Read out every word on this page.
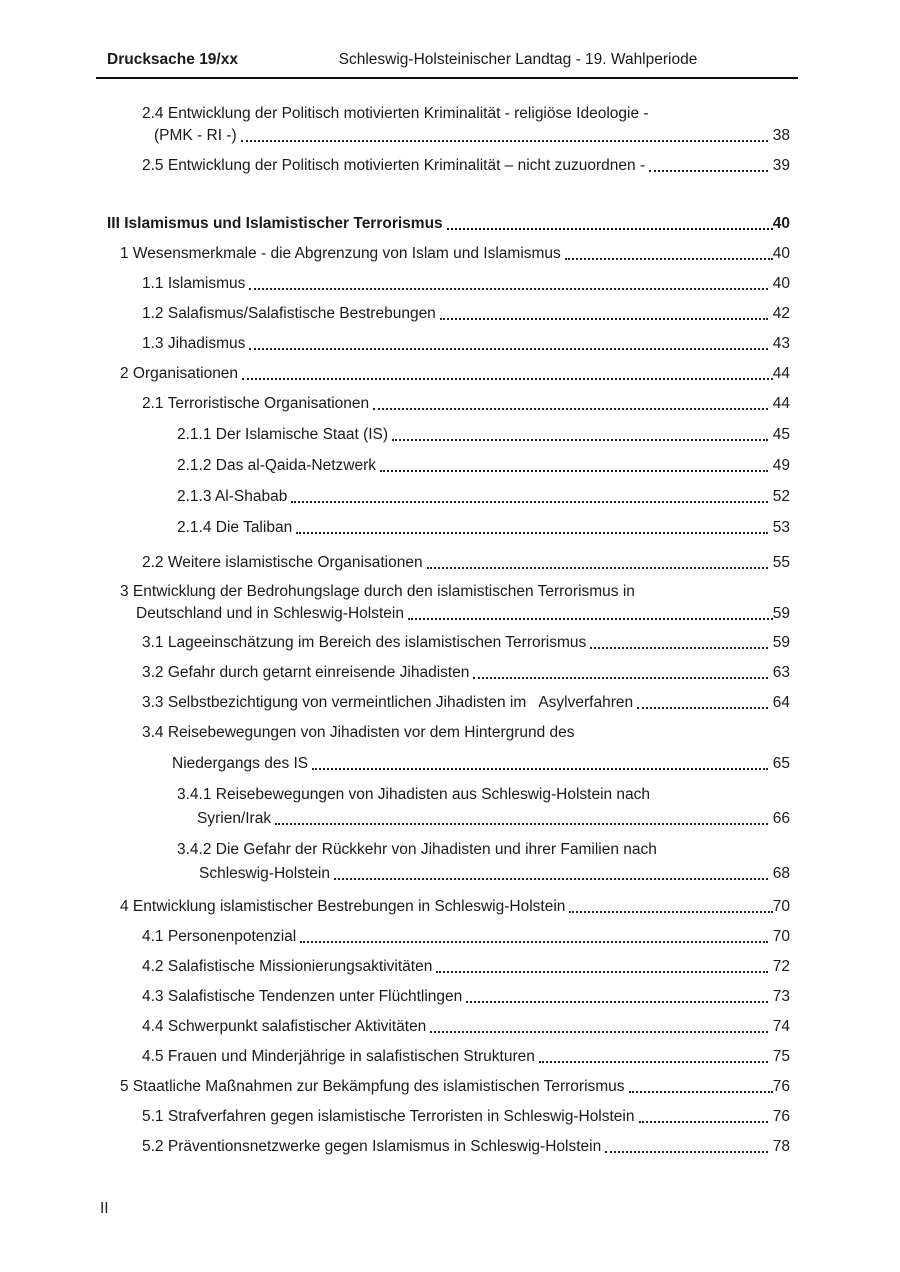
Drucksache 19/xx	Schleswig-Holsteinischer Landtag - 19. Wahlperiode
2.4 Entwicklung der Politisch motivierten Kriminalität - religiöse Ideologie -
(PMK - RI -)	38
2.5 Entwicklung der Politisch motivierten Kriminalität – nicht zuzuordnen -	39
III Islamismus und Islamistischer Terrorismus	40
1 Wesensmerkmale - die Abgrenzung von Islam und Islamismus	40
1.1 Islamismus	40
1.2 Salafismus/Salafistische Bestrebungen	42
1.3 Jihadismus	43
2 Organisationen	44
2.1 Terroristische Organisationen	44
2.1.1 Der Islamische Staat (IS)	45
2.1.2 Das al-Qaida-Netzwerk	49
2.1.3 Al-Shabab	52
2.1.4 Die Taliban	53
2.2 Weitere islamistische Organisationen	55
3 Entwicklung der Bedrohungslage durch den islamistischen Terrorismus in
Deutschland und in Schleswig-Holstein	59
3.1 Lageeinschätzung im Bereich des islamistischen Terrorismus	59
3.2 Gefahr durch getarnt einreisende Jihadisten	63
3.3 Selbstbezichtigung von vermeintlichen Jihadisten im   Asylverfahren	64
3.4 Reisebewegungen von Jihadisten vor dem Hintergrund des
Niedergangs des IS	65
3.4.1 Reisebewegungen von Jihadisten aus Schleswig-Holstein nach
Syrien/Irak	66
3.4.2 Die Gefahr der Rückkehr von Jihadisten und ihrer Familien nach
Schleswig-Holstein	68
4 Entwicklung islamistischer Bestrebungen in Schleswig-Holstein	70
4.1 Personenpotenzial	70
4.2 Salafistische Missionierungsaktivitäten	72
4.3 Salafistische Tendenzen unter Flüchtlingen	73
4.4 Schwerpunkt salafistischer Aktivitäten	74
4.5 Frauen und Minderjährige in salafistischen Strukturen	75
5 Staatliche Maßnahmen zur Bekämpfung des islamistischen Terrorismus	76
5.1 Strafverfahren gegen islamistische Terroristen in Schleswig-Holstein	76
5.2 Präventionsnetzwerke gegen Islamismus in Schleswig-Holstein	78
II
